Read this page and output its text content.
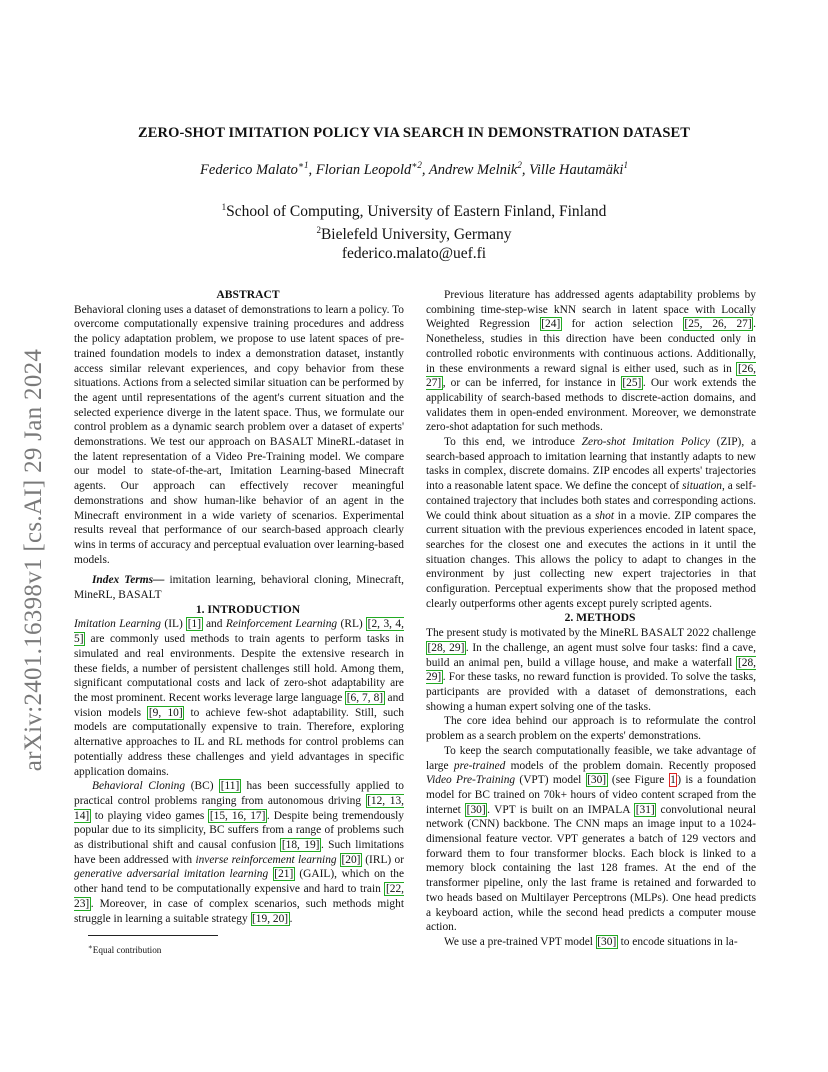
arXiv:2401.16398v1 [cs.AI] 29 Jan 2024
ZERO-SHOT IMITATION POLICY VIA SEARCH IN DEMONSTRATION DATASET
Federico Malato$^{∗1}$, Florian Leopold$^{∗2}$, Andrew Melnik$^2$, Ville Hautamäki$^1$
$^1$School of Computing, University of Eastern Finland, Finland
$^2$Bielefeld University, Germany
federico.malato@uef.fi

ABSTRACT

Behavioral cloning uses a dataset of demonstrations to learn a policy. To overcome computationally expensive training procedures and address the policy adaptation problem, we propose to use latent spaces of pre-trained foundation models to index a demonstration dataset, instantly access similar relevant experiences, and copy behavior from these situations. Actions from a selected similar situation can be performed by the agent until representations of the agent's current situation and the selected experience diverge in the latent space. Thus, we formulate our control problem as a dynamic search problem over a dataset of experts' demonstrations. We test our approach on BASALT MineRL-dataset in the latent representation of a Video Pre-Training model. We compare our model to state-of-the-art, Imitation Learning-based Minecraft agents. Our approach can effectively recover meaningful demonstrations and show human-like behavior of an agent in the Minecraft environment in a wide variety of scenarios. Experimental results reveal that performance of our search-based approach clearly wins in terms of accuracy and perceptual evaluation over learning-based models.

Index Terms— imitation learning, behavioral cloning, Minecraft, MineRL, BASALT

1. INTRODUCTION

Imitation Learning (IL) [1] and Reinforcement Learning (RL) [2, 3, 4, 5] are commonly used methods to train agents to perform tasks in simulated and real environments. Despite the extensive research in these fields, a number of persistent challenges still hold. Among them, significant computational costs and lack of zero-shot adaptability are the most prominent. Recent works leverage large language [6, 7, 8] and vision models [9, 10] to achieve few-shot adaptability. Still, such models are computationally expensive to train. Therefore, exploring alternative approaches to IL and RL methods for control problems can potentially address these challenges and yield advantages in specific application domains.

Behavioral Cloning (BC) [11] has been successfully applied to practical control problems ranging from autonomous driving [12, 13, 14] to playing video games [15, 16, 17] . Despite being tremendously popular due to its simplicity, BC suffers from a range of problems such as distributional shift and causal confusion [18, 19] . Such limitations have been addressed with inverse reinforcement learning [20] (IRL) or generative adversarial imitation learning [21] (GAIL), which on the other hand tend to be computationally expensive and hard to train [22, 23] . Moreover, in case of complex scenarios, such methods might struggle in learning a suitable strategy [19, 20] .

∗Equal contribution

Previous literature has addressed agents adaptability problems by combining time-step-wise kNN search in latent space with Locally Weighted Regression [24] for action selection [25, 26, 27] . Nonetheless, studies in this direction have been conducted only in controlled robotic environments with continuous actions. Additionally, in these environments a reward signal is either used, such as in [26, 27] , or can be inferred, for instance in [25] . Our work extends the applicability of search-based methods to discrete-action domains, and validates them in open-ended environment. Moreover, we demonstrate zero-shot adaptation for such methods.

To this end, we introduce Zero-shot Imitation Policy (ZIP), a search-based approach to imitation learning that instantly adapts to new tasks in complex, discrete domains. ZIP encodes all experts' trajectories into a reasonable latent space. We define the concept of situation, a self-contained trajectory that includes both states and corresponding actions. We could think about situation as a shot in a movie. ZIP compares the current situation with the previous experiences encoded in latent space, searches for the closest one and executes the actions in it until the situation changes. This allows the policy to adapt to changes in the environment by just collecting new expert trajectories in that configuration. Perceptual experiments show that the proposed method clearly outperforms other agents except purely scripted agents.

2. METHODS

The present study is motivated by the MineRL BASALT 2022 challenge [28, 29] . In the challenge, an agent must solve four tasks: find a cave, build an animal pen, build a village house, and make a waterfall [28, 29] . For these tasks, no reward function is provided. To solve the tasks, participants are provided with a dataset of demonstrations, each showing a human expert solving one of the tasks.

The core idea behind our approach is to reformulate the control problem as a search problem on the experts' demonstrations.

To keep the search computationally feasible, we take advantage of large pre-trained models of the problem domain. Recently proposed Video Pre-Training (VPT) model [30] (see Figure 1 ) is a foundation model for BC trained on 70k+ hours of video content scraped from the internet [30] . VPT is built on an IMPALA [31] convolutional neural network (CNN) backbone. The CNN maps an image input to a 1024-dimensional feature vector. VPT generates a batch of 129 vectors and forward them to four transformer blocks. Each block is linked to a memory block containing the last 128 frames. At the end of the transformer pipeline, only the last frame is retained and forwarded to two heads based on Multilayer Perceptrons (MLPs). One head predicts a keyboard action, while the second head predicts a computer mouse action.

We use a pre-trained VPT model [30] to encode situations in la-
